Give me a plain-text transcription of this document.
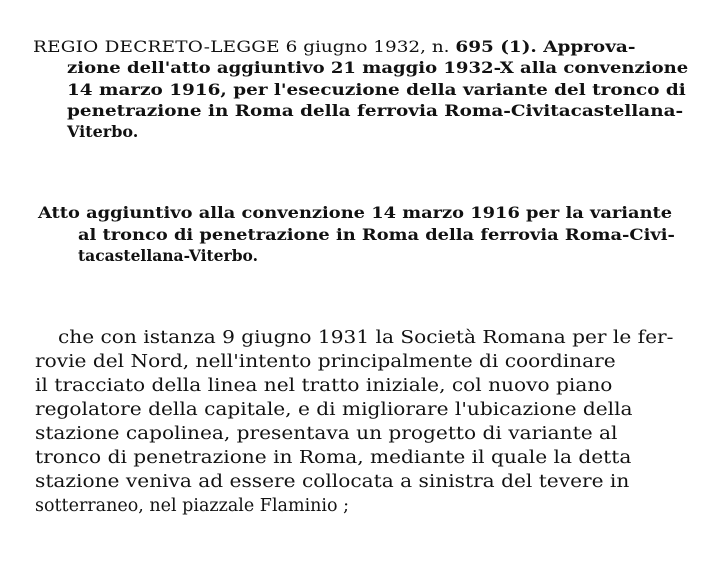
REGIO DECRETO-LEGGE 6 giugno 1932, n. 695 (1). Approva-
zione dell'atto aggiuntivo 21 maggio 1932-X alla convenzione
14 marzo 1916, per l'esecuzione della variante del tronco di
penetrazione in Roma della ferrovia Roma-Civitacastellana-
Viterbo.
Atto aggiuntivo alla convenzione 14 marzo 1916 per la variante
al tronco di penetrazione in Roma della ferrovia Roma-Civi-
tacastellana-Viterbo.
che con istanza 9 giugno 1931 la Società Romana per le fer-
rovie del Nord, nell'intento principalmente di coordinare
il tracciato della linea nel tratto iniziale, col nuovo piano
regolatore della capitale, e di migliorare l'ubicazione della
stazione capolinea, presentava un progetto di variante al
tronco di penetrazione in Roma, mediante il quale la detta
stazione veniva ad essere collocata a sinistra del tevere in
sotterraneo, nel piazzale Flaminio ;
